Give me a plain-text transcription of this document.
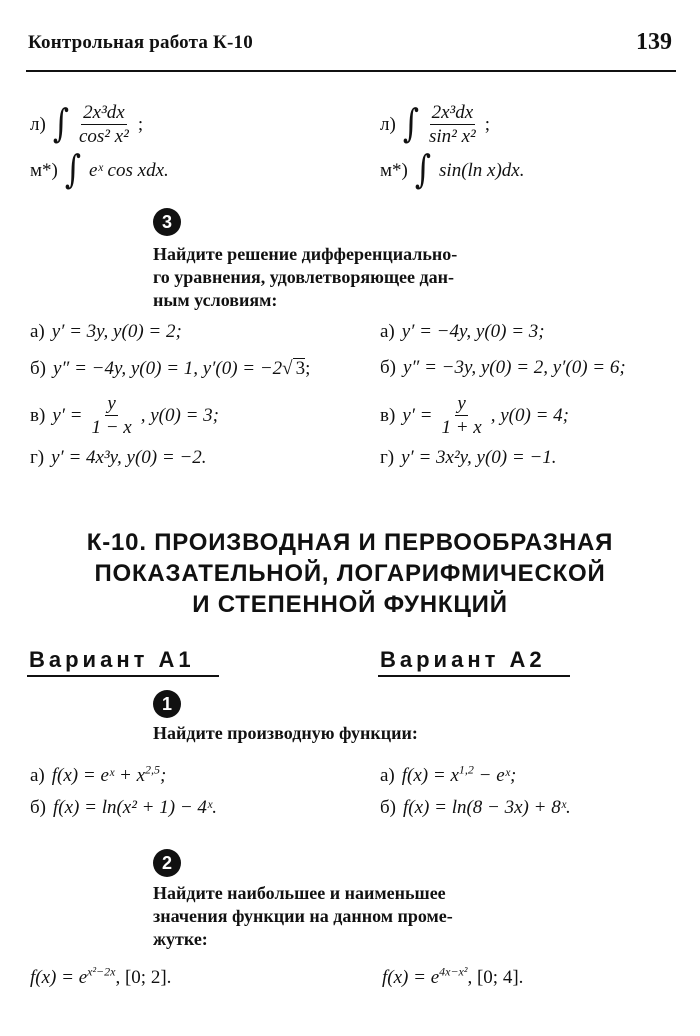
Контрольная работа К-10	139
л) ∫ $\frac{\text{2x³dx}}{\text{cos² x²}}$ ;	л) ∫ $\frac{\text{2x³dx}}{\text{sin² x²}}$ ;
м*) ∫ eˣ cos xdx.	м*) ∫ sin(ln x)dx.
3
Найдите решение дифференциально-
го уравнения, удовлетворяющее дан-
ным условиям:
а) y′ = 3y, y(0) = 2;	а) y′ = −4y, y(0) = 3;
б) y″ = −4y, y(0) = 1, y′(0) = −2 √ 3 ;	б) y″ = −3y, y(0) = 2, y′(0) = 6;
в) $y' = \frac{y}{1 - x}$ , y(0) = 3;	в) $y' = \frac{y}{1 + x}$ , y(0) = 4;
г) y′ = 4x³y, y(0) = −2.	г) y′ = 3x²y, y(0) = −1.
К-10. ПРОИЗВОДНАЯ И ПЕРВООБРАЗНАЯ
ПОКАЗАТЕЛЬНОЙ, ЛОГАРИФМИЧЕСКОЙ
И СТЕПЕННОЙ ФУНКЦИЙ
Вариант А1	Вариант А2
1
Найдите производную функции:
а) f(x) = eˣ + $x^{2,5}$;	а) $f(x) = x^{1,2}$ − eˣ;
б) f(x) = ln(x² + 1) − 4ˣ.	б) f(x) = ln(8 − 3x) + 8ˣ.
2
Найдите наибольшее и наименьшее
значения функции на данном проме-
жутке:
$f(x) = e^{x^2-2x}$, [0; 2].	$f(x) = e^{4x-x^2}$, [0; 4].
